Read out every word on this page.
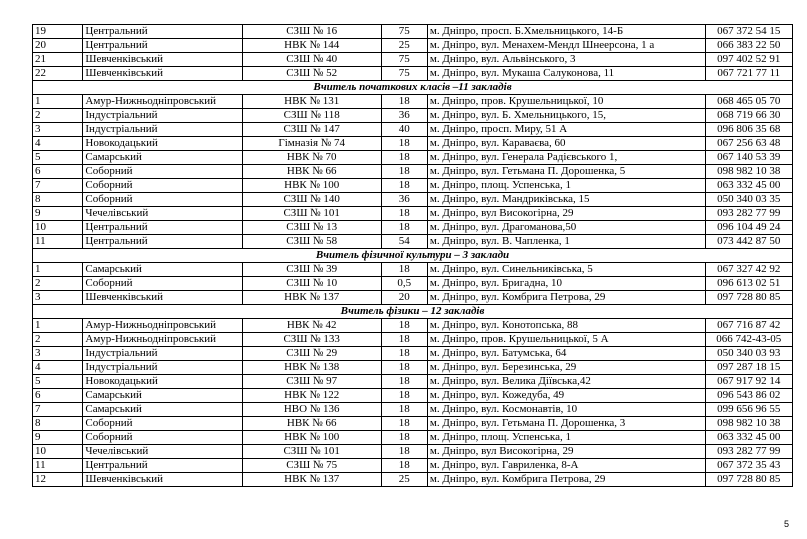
19	Центральний	СЗШ № 16	75	м. Дніпро, просп. Б.Хмельницького, 14-Б	067 372 54 15
20	Центральний	НВК № 144	25	м. Дніпро, вул. Менахем-Мендл Шнеерсона, 1 а	066 383 22 50
21	Шевченківський	СЗШ № 40	75	м. Дніпро, вул. Альвінського, 3	097 402 52 91
22	Шевченківський	СЗШ № 52	75	м. Дніпро, вул. Мукаша Салуконова, 11	067 721 77 11
Вчитель початкових класів –11 закладів					
1	Амур-Нижньодніпровський	НВК № 131	18	м. Дніпро, пров. Крушельницької, 10	068 465 05 70
2	Індустріальний	СЗШ № 118	36	м. Дніпро, вул. Б. Хмельницького, 15,	068 719 66 30
3	Індустріальний	СЗШ № 147	40	м. Дніпро, просп. Миру, 51 А	096 806 35 68
4	Новокодацький	Гімназія № 74	18	м. Дніпро, вул. Караваєва, 60	067 256 63 48
5	Самарський	НВК № 70	18	м. Дніпро, вул. Генерала Радієвського 1,	067 140 53 39
6	Соборний	НВК № 66	18	м. Дніпро, вул. Гетьмана П. Дорошенка, 5	098 982 10 38
7	Соборний	НВК № 100	18	м. Дніпро, площ. Успенська, 1	063 332 45 00
8	Соборний	СЗШ № 140	36	м. Дніпро, вул. Мандриківська, 15	050 340 03 35
9	Чечелівський	СЗШ № 101	18	м. Дніпро, вул Високогірна, 29	093 282 77 99
10	Центральний	СЗШ № 13	18	м. Дніпро, вул. Драгоманова,50	096 104 49 24
11	Центральний	СЗШ № 58	54	м. Дніпро, вул. В. Чапленка, 1	073 442 87 50
Вчитель фізичної культури – 3 заклади					
1	Самарський	СЗШ № 39	18	м. Дніпро, вул. Синельниківська, 5	067 327 42 92
2	Соборний	СЗШ № 10	0,5	м. Дніпро, вул. Бригадна, 10	096 613 02 51
3	Шевченківський	НВК № 137	20	м. Дніпро, вул. Комбрига Петрова, 29	097 728 80 85
Вчитель фізики – 12 закладів					
1	Амур-Нижньодніпровський	НВК № 42	18	м. Дніпро, вул. Конотопська, 88	067 716 87 42
2	Амур-Нижньодніпровський	СЗШ № 133	18	м. Дніпро, пров. Крушельницької, 5 А	066 742-43-05
3	Індустріальний	СЗШ № 29	18	м. Дніпро, вул. Батумська, 64	050 340 03 93
4	Індустріальний	НВК № 138	18	м. Дніпро, вул. Березинська, 29	097 287 18 15
5	Новокодацький	СЗШ № 97	18	м. Дніпро, вул. Велика Діївська,42	067 917 92 14
6	Самарський	НВК № 122	18	м. Дніпро, вул. Кожедуба, 49	096 543 86 02
7	Самарський	НВО № 136	18	м. Дніпро, вул. Космонавтів, 10	099 656 96 55
8	Соборний	НВК № 66	18	м. Дніпро, вул. Гетьмана П. Дорошенка, 3	098 982 10 38
9	Соборний	НВК № 100	18	м. Дніпро, площ. Успенська, 1	063 332 45 00
10	Чечелівський	СЗШ № 101	18	м. Дніпро, вул Високогірна, 29	093 282 77 99
11	Центральний	СЗШ № 75	18	м. Дніпро, вул. Гавриленка, 8-А	067 372 35 43
12	Шевченківський	НВК № 137	25	м. Дніпро, вул. Комбрига Петрова, 29	097 728 80 85
5
